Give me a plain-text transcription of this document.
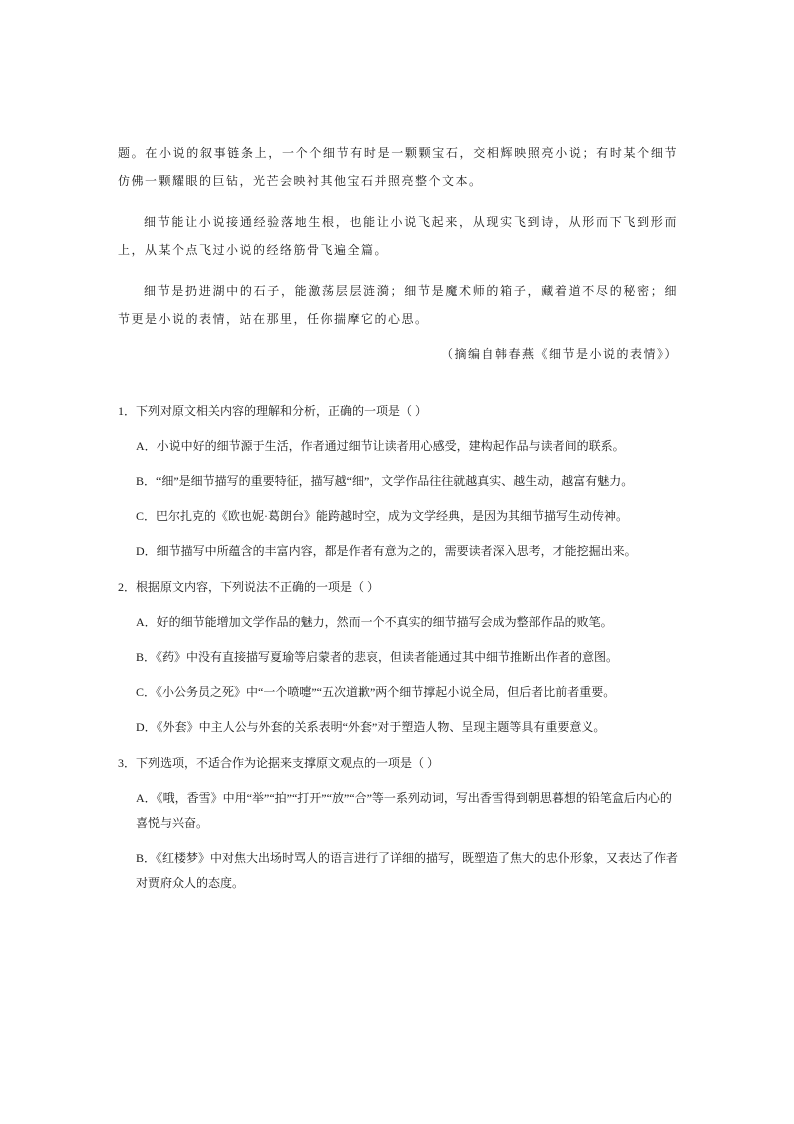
题。在小说的叙事链条上，一个个细节有时是一颗颗宝石，交相辉映照亮小说；有时某个细节仿佛一颗耀眼的巨钻，光芒会映衬其他宝石并照亮整个文本。

细节能让小说接通经验落地生根，也能让小说飞起来，从现实飞到诗，从形而下飞到形而上，从某个点飞过小说的经络筋骨飞遍全篇。

细节是扔进湖中的石子，能激荡层层涟漪；细节是魔术师的箱子，藏着道不尽的秘密；细节更是小说的表情，站在那里，任你揣摩它的心思。

（摘编自韩春燕《细节是小说的表情》）

1．下列对原文相关内容的理解和分析，正确的一项是（ ）
A．小说中好的细节源于生活，作者通过细节让读者用心感受，建构起作品与读者间的联系。
B．“细”是细节描写的重要特征，描写越“细”，文学作品往往就越真实、越生动，越富有魅力。
C．巴尔扎克的《欧也妮·葛朗台》能跨越时空，成为文学经典，是因为其细节描写生动传神。
D．细节描写中所蕴含的丰富内容，都是作者有意为之的，需要读者深入思考，才能挖掘出来。
2．根据原文内容，下列说法不正确的一项是（ ）
A．好的细节能增加文学作品的魅力，然而一个不真实的细节描写会成为整部作品的败笔。
B．《药》中没有直接描写夏瑜等启蒙者的悲哀，但读者能通过其中细节推断出作者的意图。
C．《小公务员之死》中“一个喷嚏”“五次道歉”两个细节撑起小说全局，但后者比前者重要。
D．《外套》中主人公与外套的关系表明“外套”对于塑造人物、呈现主题等具有重要意义。
3．下列选项，不适合作为论据来支撑原文观点的一项是（ ）
A．《哦，香雪》中用“举”“拍”“打开”“放”“合”等一系列动词，写出香雪得到朝思暮想的铅笔盒后内心的喜悦与兴奋。
B．《红楼梦》中对焦大出场时骂人的语言进行了详细的描写，既塑造了焦大的忠仆形象，又表达了作者对贾府众人的态度。
